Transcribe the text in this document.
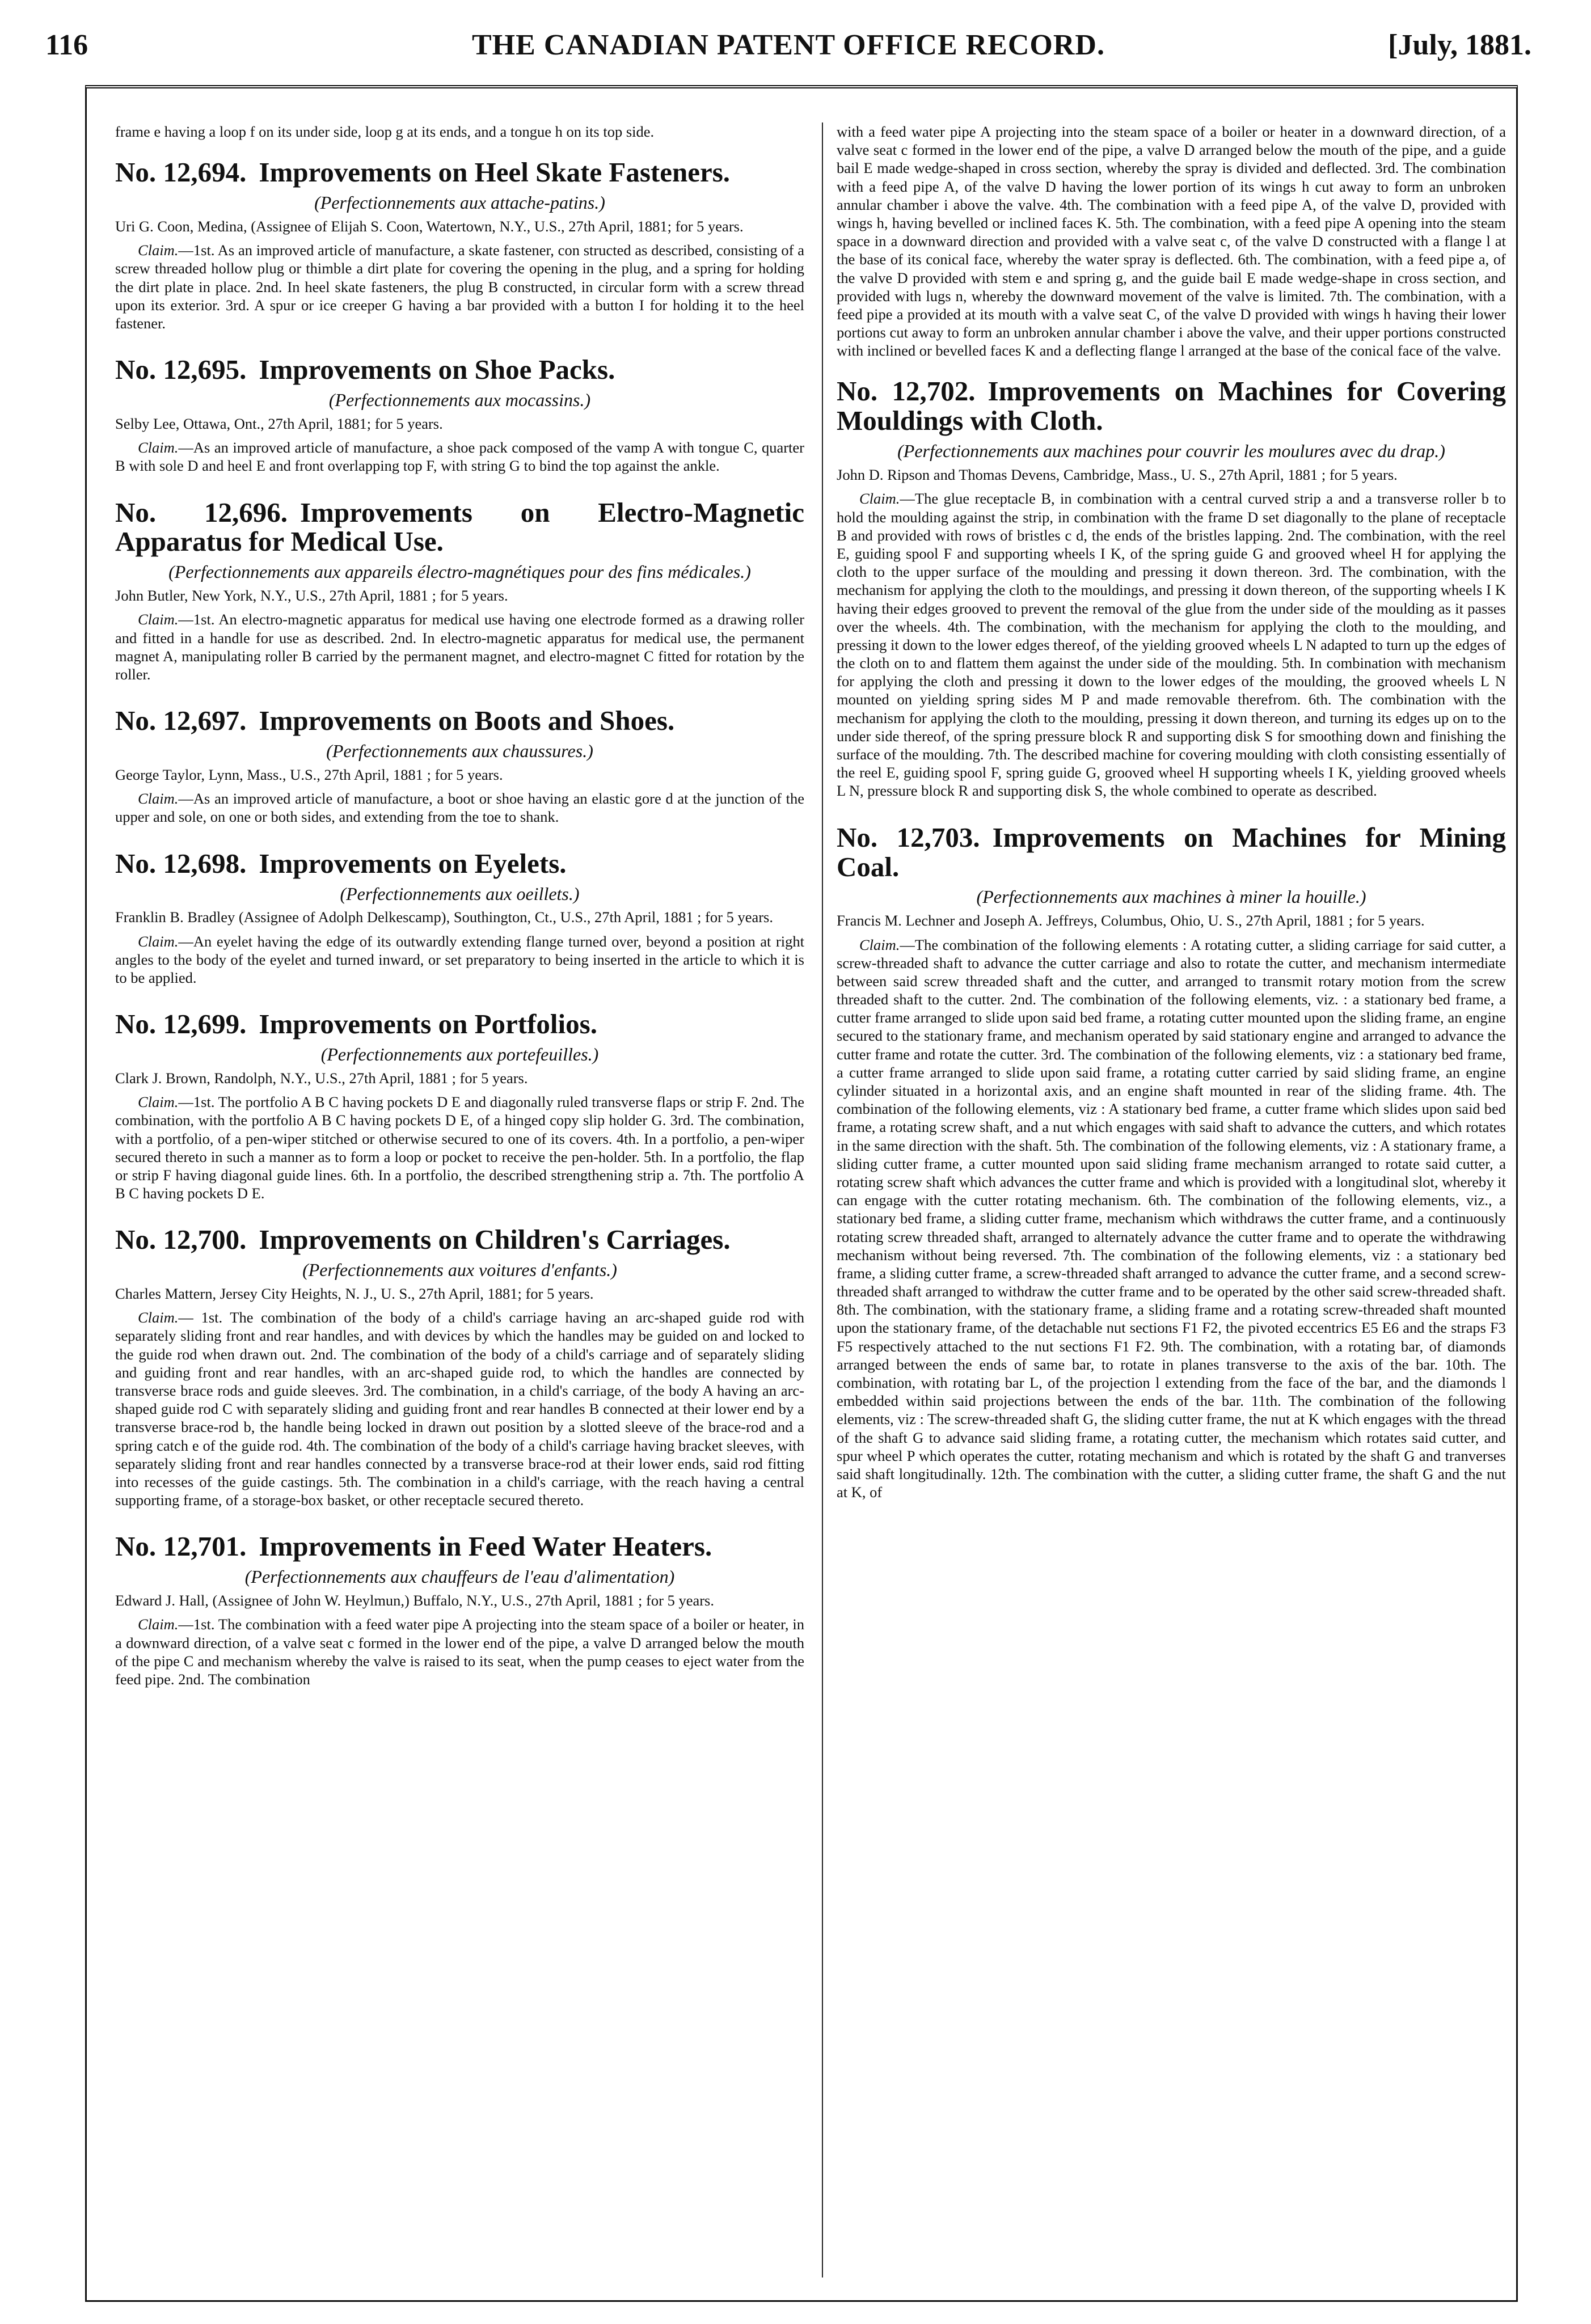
116	THE CANADIAN PATENT OFFICE RECORD.	[July, 1881.

frame e having a loop f on its under side, loop g at its ends, and a tongue h on its top side.

No. 12,694. Improvements on Heel Skate Fasteners.
(Perfectionnements aux attache-patins.)

Uri G. Coon, Medina, (Assignee of Elijah S. Coon, Watertown, N.Y., U.S., 27th April, 1881; for 5 years.

Claim.—1st. As an improved article of manufacture, a skate fastener, con structed as described, consisting of a screw threaded hollow plug or thimble a dirt plate for covering the opening in the plug, and a spring for holding the dirt plate in place. 2nd. In heel skate fasteners, the plug B constructed, in circular form with a screw thread upon its exterior. 3rd. A spur or ice creeper G having a bar provided with a button I for holding it to the heel fastener.

No. 12,695. Improvements on Shoe Packs.
(Perfectionnements aux mocassins.)

Selby Lee, Ottawa, Ont., 27th April, 1881; for 5 years.

Claim.—As an improved article of manufacture, a shoe pack composed of the vamp A with tongue C, quarter B with sole D and heel E and front overlapping top F, with string G to bind the top against the ankle.

No. 12,696. Improvements on Electro-Magnetic Apparatus for Medical Use.
(Perfectionnements aux appareils électro-magnétiques pour des fins médicales.)

John Butler, New York, N.Y., U.S., 27th April, 1881 ; for 5 years.

Claim.—1st. An electro-magnetic apparatus for medical use having one electrode formed as a drawing roller and fitted in a handle for use as described. 2nd. In electro-magnetic apparatus for medical use, the permanent magnet A, manipulating roller B carried by the permanent magnet, and electro-magnet C fitted for rotation by the roller.

No. 12,697. Improvements on Boots and Shoes.
(Perfectionnements aux chaussures.)

George Taylor, Lynn, Mass., U.S., 27th April, 1881 ; for 5 years.

Claim.—As an improved article of manufacture, a boot or shoe having an elastic gore d at the junction of the upper and sole, on one or both sides, and extending from the toe to shank.

No. 12,698. Improvements on Eyelets.
(Perfectionnements aux oeillets.)

Franklin B. Bradley (Assignee of Adolph Delkescamp), Southington, Ct., U.S., 27th April, 1881 ; for 5 years.

Claim.—An eyelet having the edge of its outwardly extending flange turned over, beyond a position at right angles to the body of the eyelet and turned inward, or set preparatory to being inserted in the article to which it is to be applied.

No. 12,699. Improvements on Portfolios.
(Perfectionnements aux portefeuilles.)

Clark J. Brown, Randolph, N.Y., U.S., 27th April, 1881 ; for 5 years.

Claim.—1st. The portfolio A B C having pockets D E and diagonally ruled transverse flaps or strip F. 2nd. The combination, with the portfolio A B C having pockets D E, of a hinged copy slip holder G. 3rd. The combination, with a portfolio, of a pen-wiper stitched or otherwise secured to one of its covers. 4th. In a portfolio, a pen-wiper secured thereto in such a manner as to form a loop or pocket to receive the pen-holder. 5th. In a portfolio, the flap or strip F having diagonal guide lines. 6th. In a portfolio, the described strengthening strip a. 7th. The portfolio A B C having pockets D E.

No. 12,700. Improvements on Children's Carriages.
(Perfectionnements aux voitures d'enfants.)

Charles Mattern, Jersey City Heights, N. J., U. S., 27th April, 1881; for 5 years.

Claim.— 1st. The combination of the body of a child's carriage having an arc-shaped guide rod with separately sliding front and rear handles, and with devices by which the handles may be guided on and locked to the guide rod when drawn out. 2nd. The combination of the body of a child's carriage and of separately sliding and guiding front and rear handles, with an arc-shaped guide rod, to which the handles are connected by transverse brace rods and guide sleeves. 3rd. The combination, in a child's carriage, of the body A having an arc-shaped guide rod C with separately sliding and guiding front and rear handles B connected at their lower end by a transverse brace-rod b, the handle being locked in drawn out position by a slotted sleeve of the brace-rod and a spring catch e of the guide rod. 4th. The combination of the body of a child's carriage having bracket sleeves, with separately sliding front and rear handles connected by a transverse brace-rod at their lower ends, said rod fitting into recesses of the guide castings. 5th. The combination in a child's carriage, with the reach having a central supporting frame, of a storage-box basket, or other receptacle secured thereto.

No. 12,701. Improvements in Feed Water Heaters.
(Perfectionnements aux chauffeurs de l'eau d'alimentation)

Edward J. Hall, (Assignee of John W. Heylmun,) Buffalo, N.Y., U.S., 27th April, 1881 ; for 5 years.

Claim.—1st. The combination with a feed water pipe A projecting into the steam space of a boiler or heater, in a downward direction, of a valve seat c formed in the lower end of the pipe, a valve D arranged below the mouth of the pipe C and mechanism whereby the valve is raised to its seat, when the pump ceases to eject water from the feed pipe. 2nd. The combination

with a feed water pipe A projecting into the steam space of a boiler or heater in a downward direction, of a valve seat c formed in the lower end of the pipe, a valve D arranged below the mouth of the pipe, and a guide bail E made wedge-shaped in cross section, whereby the spray is divided and deflected. 3rd. The combination with a feed pipe A, of the valve D having the lower portion of its wings h cut away to form an unbroken annular chamber i above the valve. 4th. The combination with a feed pipe A, of the valve D, provided with wings h, having bevelled or inclined faces K. 5th. The combination, with a feed pipe A opening into the steam space in a downward direction and provided with a valve seat c, of the valve D constructed with a flange l at the base of its conical face, whereby the water spray is deflected. 6th. The combination, with a feed pipe a, of the valve D provided with stem e and spring g, and the guide bail E made wedge-shape in cross section, and provided with lugs n, whereby the downward movement of the valve is limited. 7th. The combination, with a feed pipe a provided at its mouth with a valve seat C, of the valve D provided with wings h having their lower portions cut away to form an unbroken annular chamber i above the valve, and their upper portions constructed with inclined or bevelled faces K and a deflecting flange l arranged at the base of the conical face of the valve.

No. 12,702. Improvements on Machines for Covering Mouldings with Cloth.
(Perfectionnements aux machines pour couvrir les moulures avec du drap.)

John D. Ripson and Thomas Devens, Cambridge, Mass., U. S., 27th April, 1881 ; for 5 years.

Claim.—The glue receptacle B, in combination with a central curved strip a and a transverse roller b to hold the moulding against the strip, in combination with the frame D set diagonally to the plane of receptacle B and provided with rows of bristles c d, the ends of the bristles lapping. 2nd. The combination, with the reel E, guiding spool F and supporting wheels I K, of the spring guide G and grooved wheel H for applying the cloth to the upper surface of the moulding and pressing it down thereon. 3rd. The combination, with the mechanism for applying the cloth to the mouldings, and pressing it down thereon, of the supporting wheels I K having their edges grooved to prevent the removal of the glue from the under side of the moulding as it passes over the wheels. 4th. The combination, with the mechanism for applying the cloth to the moulding, and pressing it down to the lower edges thereof, of the yielding grooved wheels L N adapted to turn up the edges of the cloth on to and flattem them against the under side of the moulding. 5th. In combination with mechanism for applying the cloth and pressing it down to the lower edges of the moulding, the grooved wheels L N mounted on yielding spring sides M P and made removable therefrom. 6th. The combination with the mechanism for applying the cloth to the moulding, pressing it down thereon, and turning its edges up on to the under side thereof, of the spring pressure block R and supporting disk S for smoothing down and finishing the surface of the moulding. 7th. The described machine for covering moulding with cloth consisting essentially of the reel E, guiding spool F, spring guide G, grooved wheel H supporting wheels I K, yielding grooved wheels L N, pressure block R and supporting disk S, the whole combined to operate as described.

No. 12,703. Improvements on Machines for Mining Coal.
(Perfectionnements aux machines à miner la houille.)

Francis M. Lechner and Joseph A. Jeffreys, Columbus, Ohio, U. S., 27th April, 1881 ; for 5 years.

Claim.—The combination of the following elements : A rotating cutter, a sliding carriage for said cutter, a screw-threaded shaft to advance the cutter carriage and also to rotate the cutter, and mechanism intermediate between said screw threaded shaft and the cutter, and arranged to transmit rotary motion from the screw threaded shaft to the cutter. 2nd. The combination of the following elements, viz. : a stationary bed frame, a cutter frame arranged to slide upon said bed frame, a rotating cutter mounted upon the sliding frame, an engine secured to the stationary frame, and mechanism operated by said stationary engine and arranged to advance the cutter frame and rotate the cutter. 3rd. The combination of the following elements, viz : a stationary bed frame, a cutter frame arranged to slide upon said frame, a rotating cutter carried by said sliding frame, an engine cylinder situated in a horizontal axis, and an engine shaft mounted in rear of the sliding frame. 4th. The combination of the following elements, viz : A stationary bed frame, a cutter frame which slides upon said bed frame, a rotating screw shaft, and a nut which engages with said shaft to advance the cutters, and which rotates in the same direction with the shaft. 5th. The combination of the following elements, viz : A stationary frame, a sliding cutter frame, a cutter mounted upon said sliding frame mechanism arranged to rotate said cutter, a rotating screw shaft which advances the cutter frame and which is provided with a longitudinal slot, whereby it can engage with the cutter rotating mechanism. 6th. The combination of the following elements, viz., a stationary bed frame, a sliding cutter frame, mechanism which withdraws the cutter frame, and a continuously rotating screw threaded shaft, arranged to alternately advance the cutter frame and to operate the withdrawing mechanism without being reversed. 7th. The combination of the following elements, viz : a stationary bed frame, a sliding cutter frame, a screw-threaded shaft arranged to advance the cutter frame, and a second screw-threaded shaft arranged to withdraw the cutter frame and to be operated by the other said screw-threaded shaft. 8th. The combination, with the stationary frame, a sliding frame and a rotating screw-threaded shaft mounted upon the stationary frame, of the detachable nut sections F1 F2, the pivoted eccentrics E5 E6 and the straps F3 F5 respectively attached to the nut sections F1 F2. 9th. The combination, with a rotating bar, of diamonds arranged between the ends of same bar, to rotate in planes transverse to the axis of the bar. 10th. The combination, with rotating bar L, of the projection l extending from the face of the bar, and the diamonds l embedded within said projections between the ends of the bar. 11th. The combination of the following elements, viz : The screw-threaded shaft G, the sliding cutter frame, the nut at K which engages with the thread of the shaft G to advance said sliding frame, a rotating cutter, the mechanism which rotates said cutter, and spur wheel P which operates the cutter, rotating mechanism and which is rotated by the shaft G and tranverses said shaft longitudinally. 12th. The combination with the cutter, a sliding cutter frame, the shaft G and the nut at K, of
